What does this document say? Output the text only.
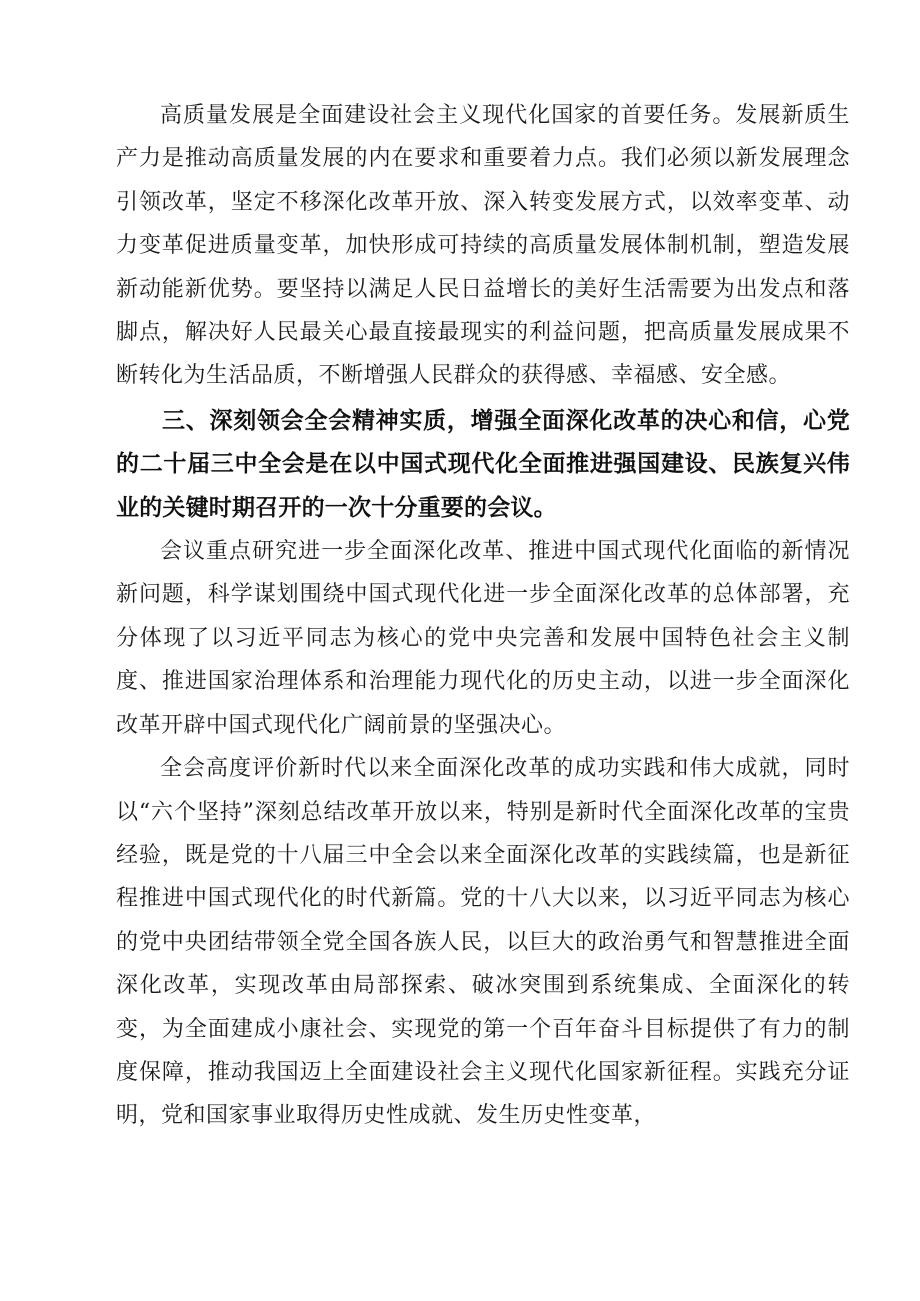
高质量发展是全面建设社会主义现代化国家的首要任务。发展新质生产力是推动高质量发展的内在要求和重要着力点。我们必须以新发展理念引领改革，坚定不移深化改革开放、深入转变发展方式，以效率变革、动力变革促进质量变革，加快形成可持续的高质量发展体制机制，塑造发展新动能新优势。要坚持以满足人民日益增长的美好生活需要为出发点和落脚点，解决好人民最关心最直接最现实的利益问题，把高质量发展成果不断转化为生活品质，不断增强人民群众的获得感、幸福感、安全感。

三、深刻领会全会精神实质，增强全面深化改革的决心和信，心党的二十届三中全会是在以中国式现代化全面推进强国建设、民族复兴伟业的关键时期召开的一次十分重要的会议。

会议重点研究进一步全面深化改革、推进中国式现代化面临的新情况新问题，科学谋划围绕中国式现代化进一步全面深化改革的总体部署，充分体现了以习近平同志为核心的党中央完善和发展中国特色社会主义制度、推进国家治理体系和治理能力现代化的历史主动，以进一步全面深化改革开辟中国式现代化广阔前景的坚强决心。

全会高度评价新时代以来全面深化改革的成功实践和伟大成就，同时以“六个坚持”深刻总结改革开放以来，特别是新时代全面深化改革的宝贵经验，既是党的十八届三中全会以来全面深化改革的实践续篇，也是新征程推进中国式现代化的时代新篇。党的十八大以来，以习近平同志为核心的党中央团结带领全党全国各族人民，以巨大的政治勇气和智慧推进全面深化改革，实现改革由局部探索、破冰突围到系统集成、全面深化的转变，为全面建成小康社会、实现党的第一个百年奋斗目标提供了有力的制度保障，推动我国迈上全面建设社会主义现代化国家新征程。实践充分证明，党和国家事业取得历史性成就、发生历史性变革，
